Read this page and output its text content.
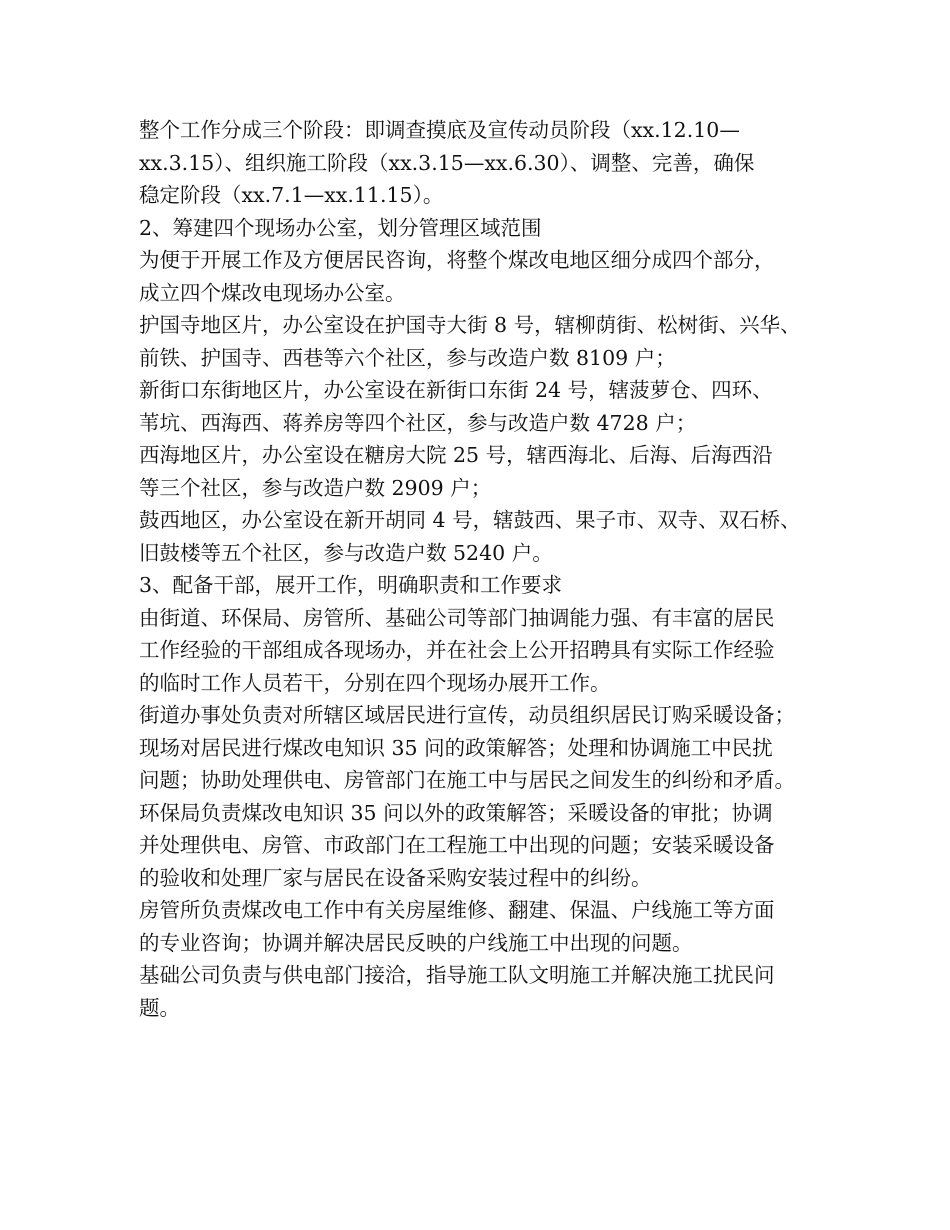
整个工作分成三个阶段：即调查摸底及宣传动员阶段（xx.12.10—
xx.3.15）、组织施工阶段（xx.3.15—xx.6.30）、调整、完善，确保
稳定阶段（xx.7.1—xx.11.15）。
2、筹建四个现场办公室，划分管理区域范围
为便于开展工作及方便居民咨询，将整个煤改电地区细分成四个部分，
成立四个煤改电现场办公室。
护国寺地区片，办公室设在护国寺大街 8 号，辖柳荫街、松树街、兴华、
前铁、护国寺、西巷等六个社区，参与改造户数 8109 户；
新街口东街地区片，办公室设在新街口东街 24 号，辖菠萝仓、四环、
苇坑、西海西、蒋养房等四个社区，参与改造户数 4728 户；
西海地区片，办公室设在糖房大院 25 号，辖西海北、后海、后海西沿
等三个社区，参与改造户数 2909 户；
鼓西地区，办公室设在新开胡同 4 号，辖鼓西、果子市、双寺、双石桥、
旧鼓楼等五个社区，参与改造户数 5240 户。
3、配备干部，展开工作，明确职责和工作要求
由街道、环保局、房管所、基础公司等部门抽调能力强、有丰富的居民
工作经验的干部组成各现场办，并在社会上公开招聘具有实际工作经验
的临时工作人员若干，分别在四个现场办展开工作。
街道办事处负责对所辖区域居民进行宣传，动员组织居民订购采暖设备；
现场对居民进行煤改电知识 35 问的政策解答；处理和协调施工中民扰
问题；协助处理供电、房管部门在施工中与居民之间发生的纠纷和矛盾。
环保局负责煤改电知识 35 问以外的政策解答；采暖设备的审批；协调
并处理供电、房管、市政部门在工程施工中出现的问题；安装采暖设备
的验收和处理厂家与居民在设备采购安装过程中的纠纷。
房管所负责煤改电工作中有关房屋维修、翻建、保温、户线施工等方面
的专业咨询；协调并解决居民反映的户线施工中出现的问题。
基础公司负责与供电部门接洽，指导施工队文明施工并解决施工扰民问
题。
